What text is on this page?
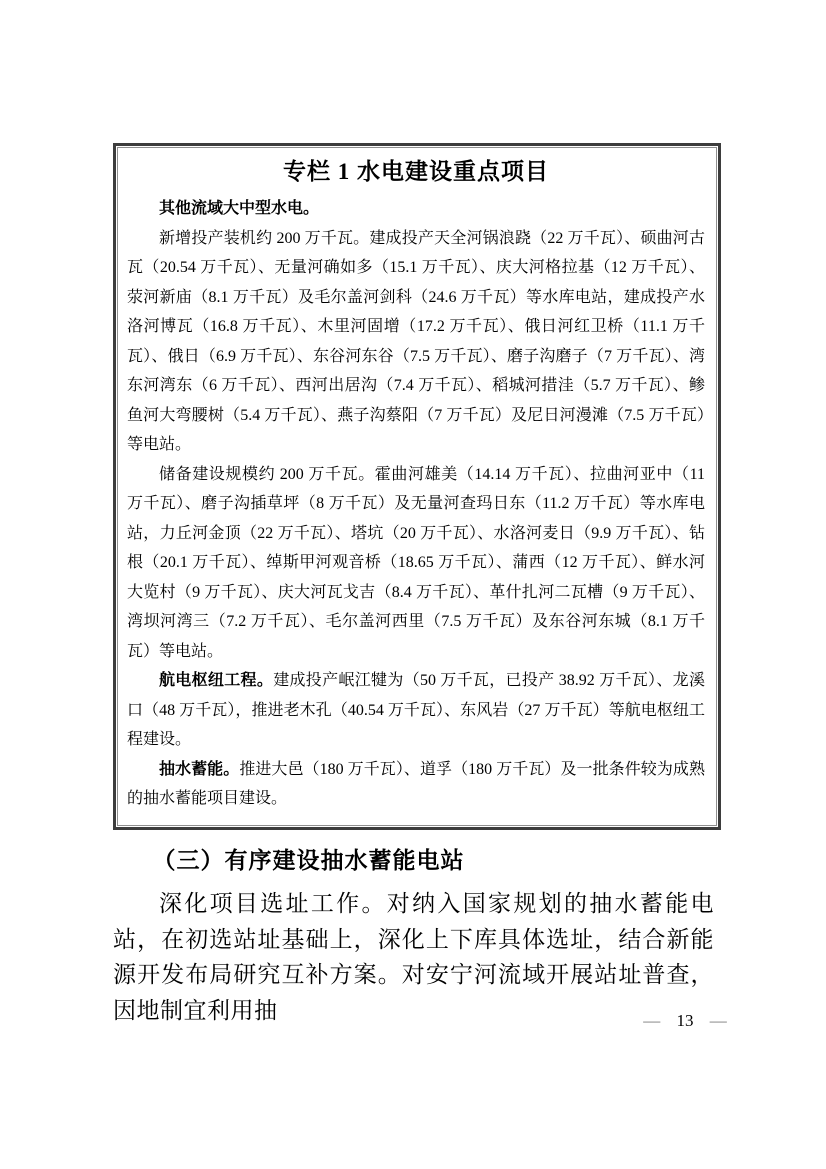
专栏 1 水电建设重点项目

其他流域大中型水电。

新增投产装机约 200 万千瓦。建成投产天全河锅浪跷（22 万千瓦）、硕曲河古瓦（20.54 万千瓦）、无量河确如多（15.1 万千瓦）、庆大河格拉基（12 万千瓦）、荥河新庙（8.1 万千瓦）及毛尔盖河剑科（24.6 万千瓦）等水库电站，建成投产水洛河博瓦（16.8 万千瓦）、木里河固增（17.2 万千瓦）、俄日河红卫桥（11.1 万千瓦）、俄日（6.9 万千瓦）、东谷河东谷（7.5 万千瓦）、磨子沟磨子（7 万千瓦）、湾东河湾东（6 万千瓦）、西河出居沟（7.4 万千瓦）、稻城河措洼（5.7 万千瓦）、鲹鱼河大弯腰树（5.4 万千瓦）、燕子沟蔡阳（7 万千瓦）及尼日河漫滩（7.5 万千瓦）等电站。

储备建设规模约 200 万千瓦。霍曲河雄美（14.14 万千瓦）、拉曲河亚中（11 万千瓦）、磨子沟插草坪（8 万千瓦）及无量河查玛日东（11.2 万千瓦）等水库电站，力丘河金顶（22 万千瓦）、塔坑（20 万千瓦）、水洛河麦日（9.9 万千瓦）、钻根（20.1 万千瓦）、绰斯甲河观音桥（18.65 万千瓦）、蒲西（12 万千瓦）、鲜水河大览村（9 万千瓦）、庆大河瓦戈吉（8.4 万千瓦）、革什扎河二瓦槽（9 万千瓦）、湾坝河湾三（7.2 万千瓦）、毛尔盖河西里（7.5 万千瓦）及东谷河东城（8.1 万千瓦）等电站。

航电枢纽工程。建成投产岷江犍为（50 万千瓦，已投产 38.92 万千瓦）、龙溪口（48 万千瓦），推进老木孔（40.54 万千瓦）、东风岩（27 万千瓦）等航电枢纽工程建设。

抽水蓄能。推进大邑（180 万千瓦）、道孚（180 万千瓦）及一批条件较为成熟的抽水蓄能项目建设。

（三）有序建设抽水蓄能电站

深化项目选址工作。对纳入国家规划的抽水蓄能电站，在初选站址基础上，深化上下库具体选址，结合新能源开发布局研究互补方案。对安宁河流域开展站址普查，因地制宜利用抽	— 13 —
